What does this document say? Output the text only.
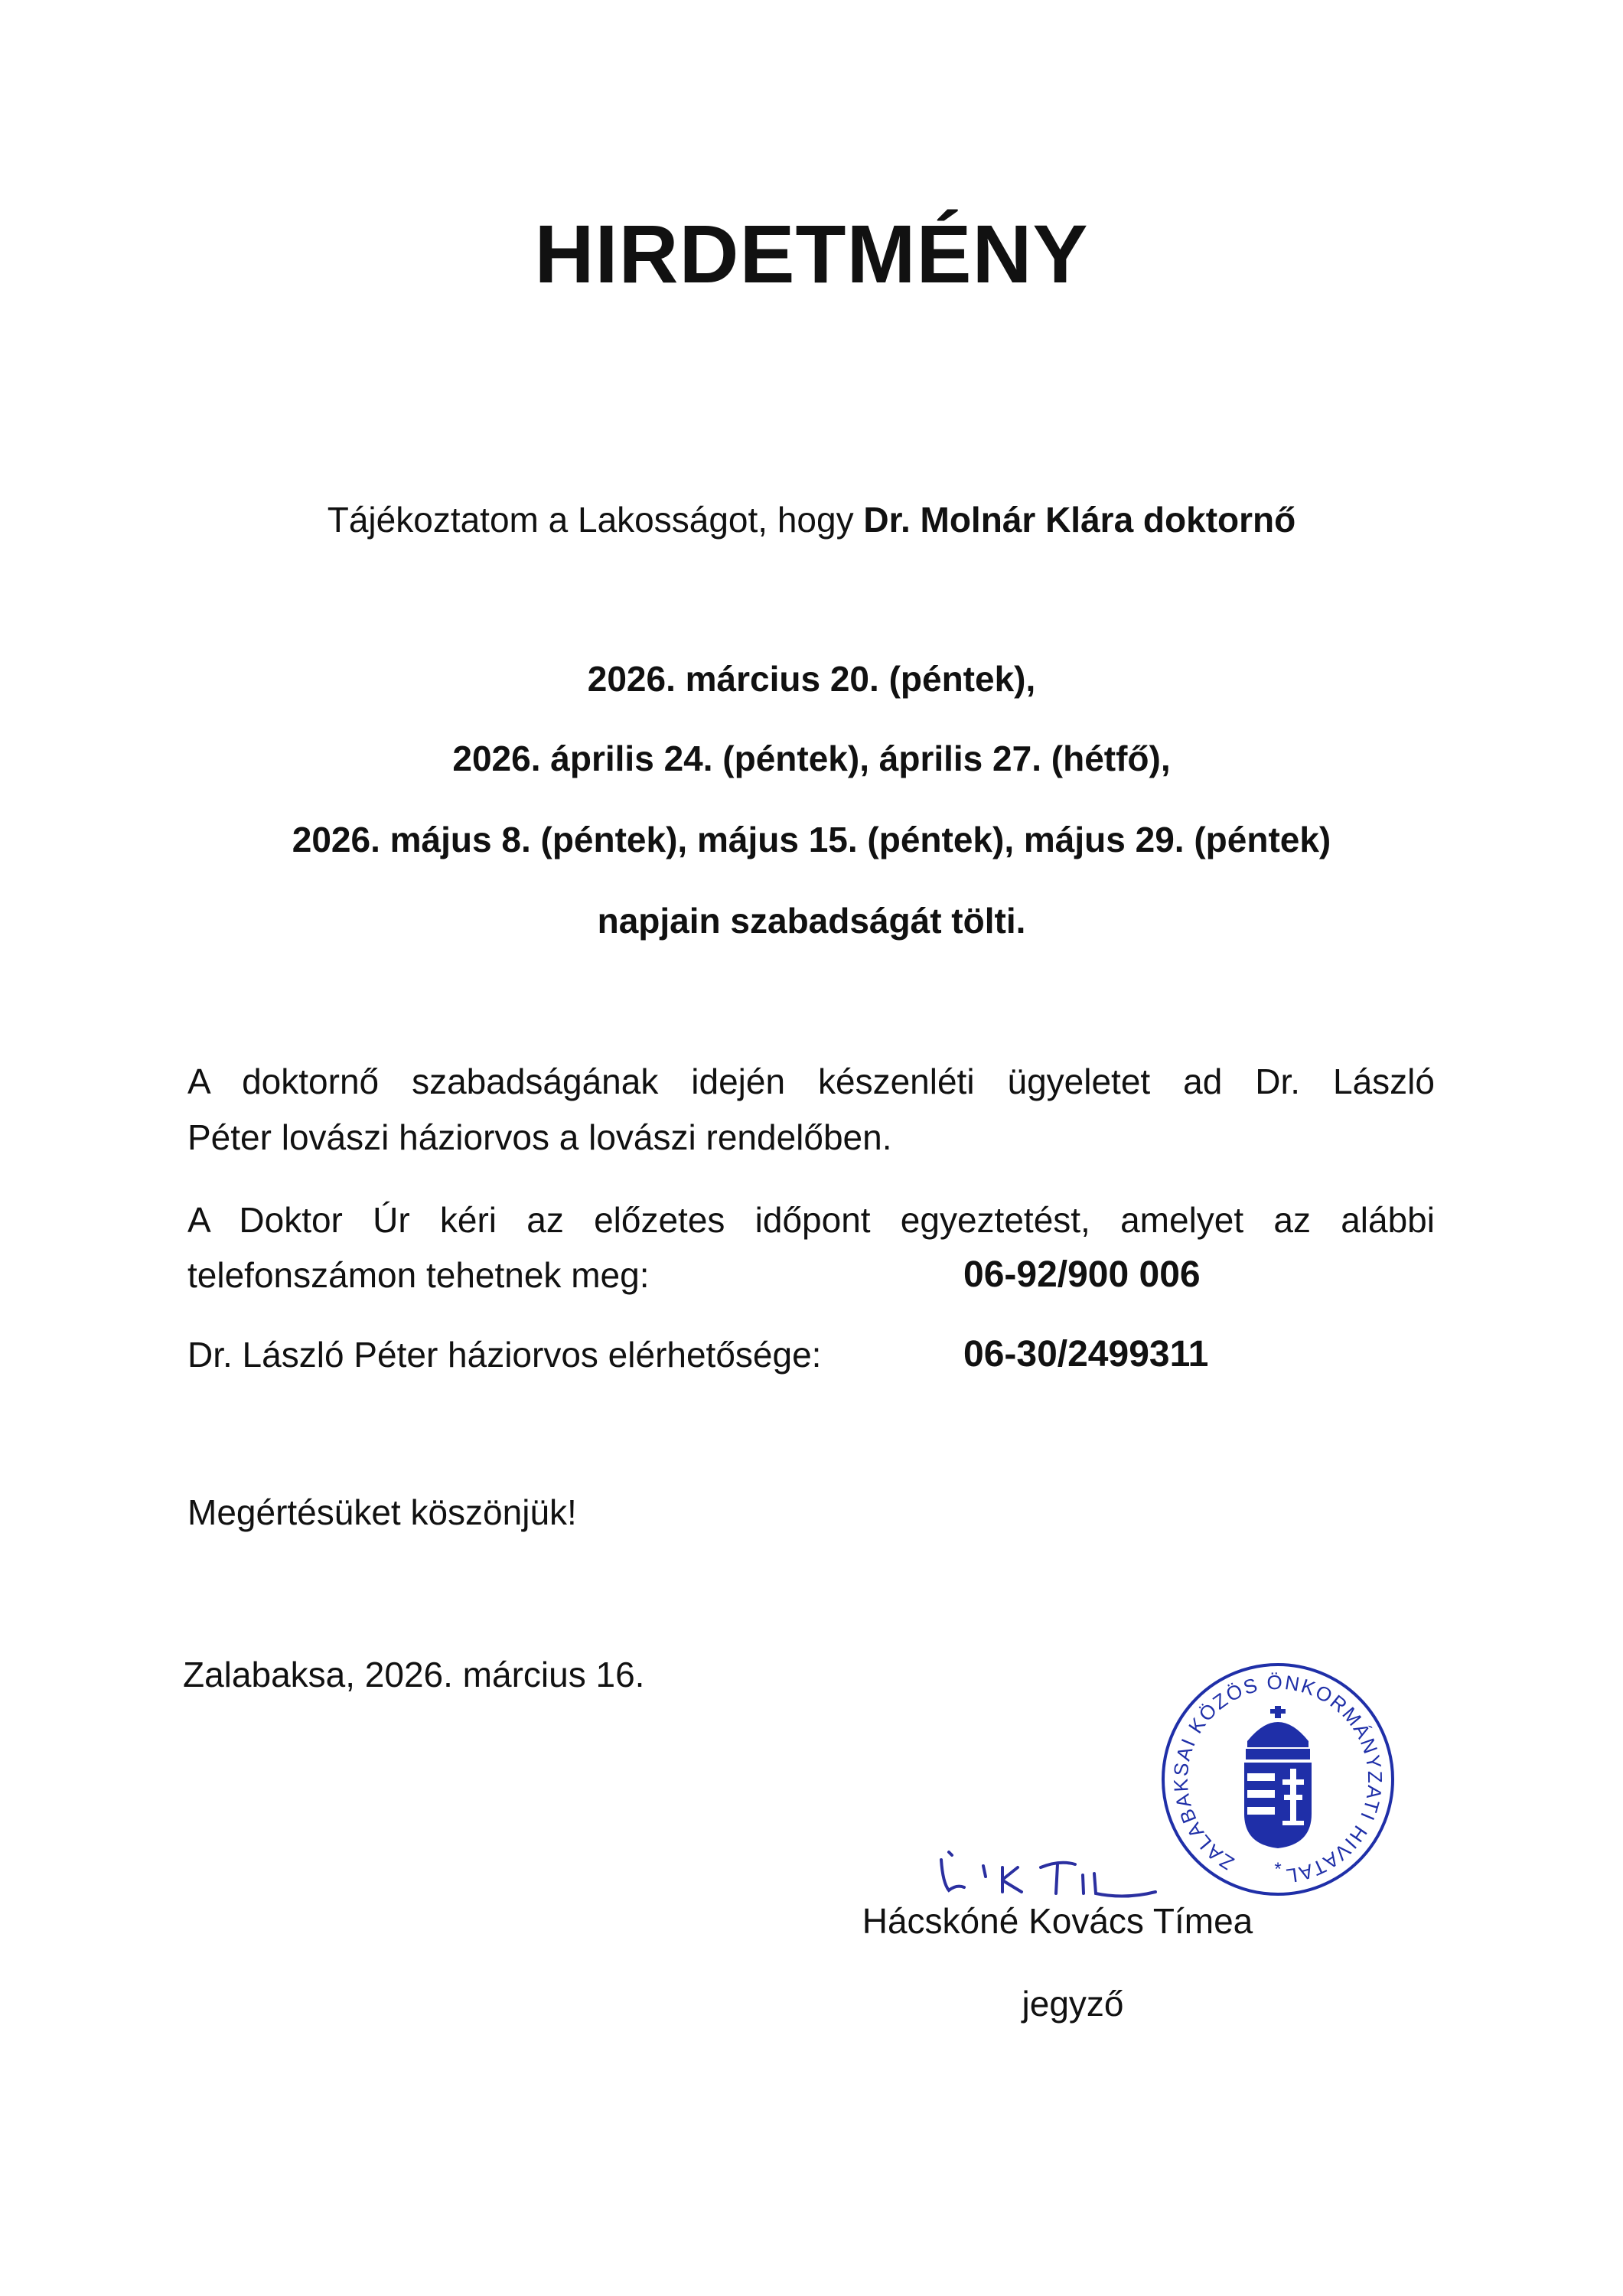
HIRDETMÉNY
Tájékoztatom a Lakosságot, hogy Dr. Molnár Klára doktornő
2026. március 20. (péntek),
2026. április 24. (péntek), április 27. (hétfő),
2026. május 8. (péntek), május 15. (péntek), május 29. (péntek)
napjain szabadságát tölti.
A doktornő szabadságának idején készenléti ügyeletet ad Dr. László
Péter lovászi háziorvos a lovászi rendelőben.
A Doktor Úr kéri az előzetes időpont egyeztetést, amelyet az alábbi
telefonszámon tehetnek meg:	06-92/900 006
Dr. László Péter háziorvos elérhetősége:	06-30/2499311
Megértésüket köszönjük!
Zalabaksa, 2026. március 16.
ZALABAKSAI KÖZÖS ÖNKORMÁNYZATI HIVATAL
*
Hácskóné Kovács Tímea
jegyző
